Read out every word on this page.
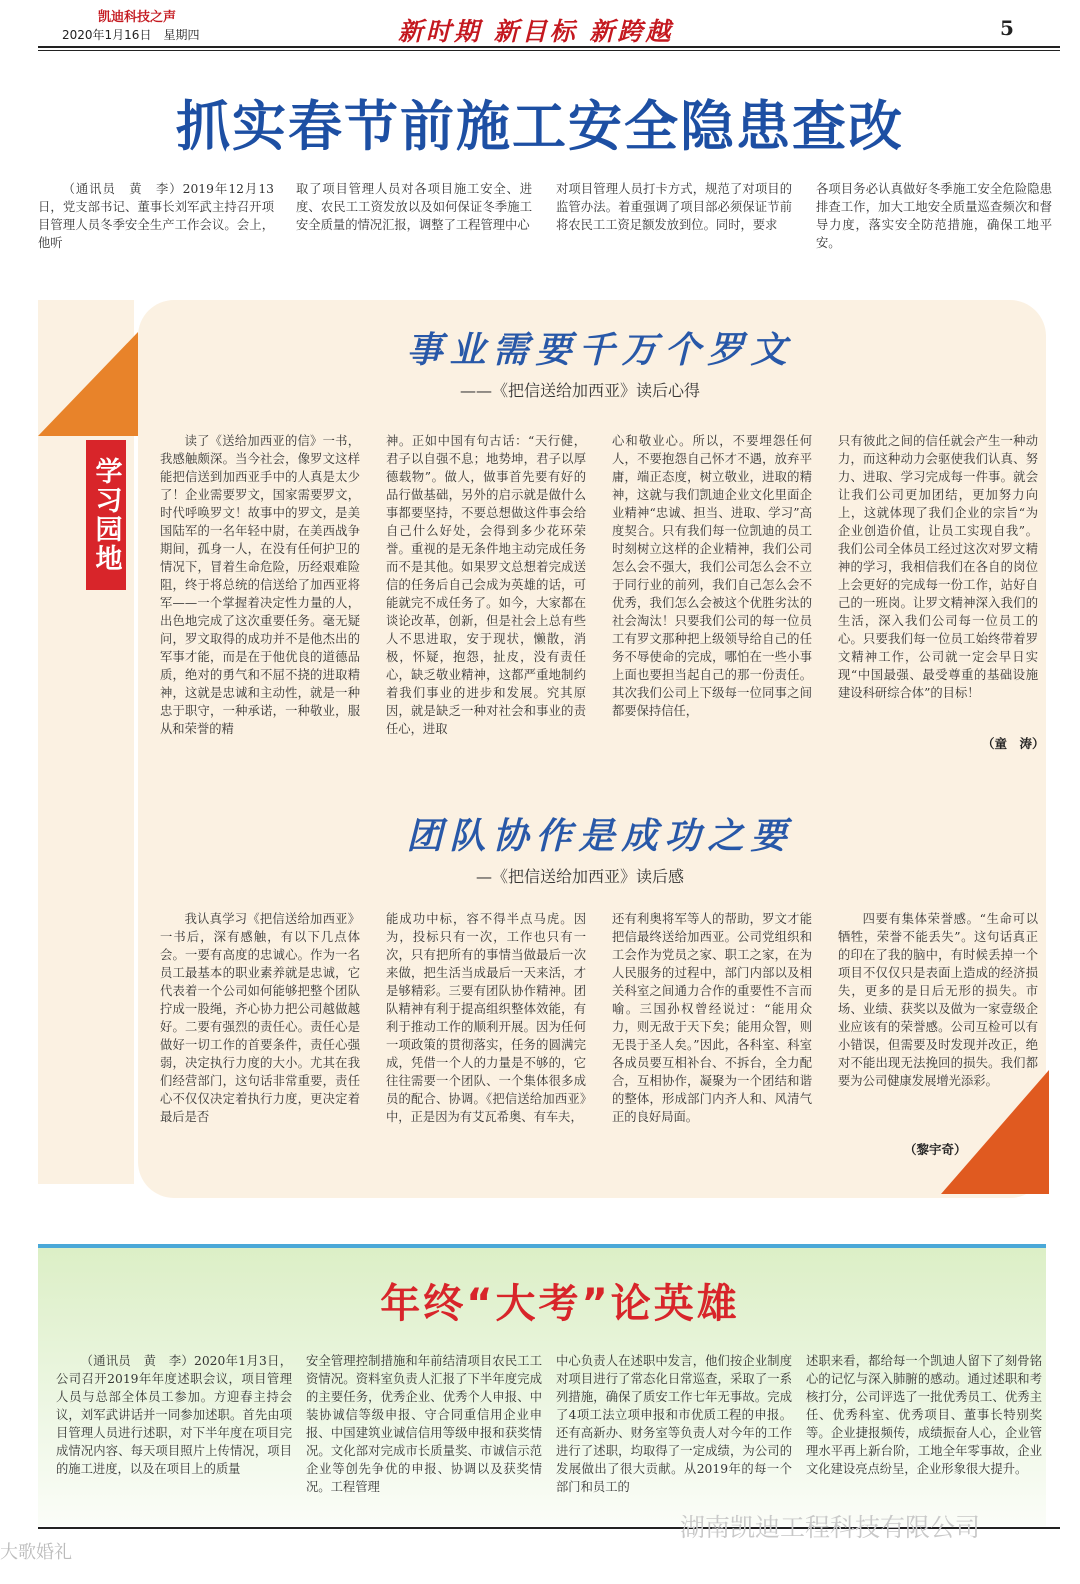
凯迪科技之声
2020年1月16日　星期四	新时期 新目标 新跨越	5
抓实春节前施工安全隐患查改

（通讯员　黄　李）2019年12月13日，党支部书记、董事长刘军武主持召开项目管理人员冬季安全生产工作会议。会上，他听

取了项目管理人员对各项目施工安全、进度、农民工工资发放以及如何保证冬季施工安全质量的情况汇报，调整了工程管理中心

对项目管理人员打卡方式，规范了对项目的监管办法。着重强调了项目部必须保证节前将农民工工资足额发放到位。同时，要求

各项目务必认真做好冬季施工安全危险隐患排查工作，加大工地安全质量巡查频次和督导力度，落实安全防范措施，确保工地平安。

学习园地
事业需要千万个罗文
——《把信送给加西亚》读后心得

读了《送给加西亚的信》一书，我感触颇深。当今社会，像罗文这样能把信送到加西亚手中的人真是太少了！企业需要罗文，国家需要罗文，时代呼唤罗文！故事中的罗文，是美国陆军的一名年轻中尉，在美西战争期间，孤身一人，在没有任何护卫的情况下，冒着生命危险，历经艰难险阻，终于将总统的信送给了加西亚将军——一个掌握着决定性力量的人，出色地完成了这次重要任务。毫无疑问，罗文取得的成功并不是他杰出的军事才能，而是在于他优良的道德品质，绝对的勇气和不屈不挠的进取精神，这就是忠诚和主动性，就是一种忠于职守，一种承诺，一种敬业，服从和荣誉的精

神。正如中国有句古话：“天行健，君子以自强不息；地势坤，君子以厚德载物”。做人，做事首先要有好的品行做基础，另外的启示就是做什么事都要坚持，不要总想做这件事会给自己什么好处，会得到多少花环荣誉。重视的是无条件地主动完成任务而不是其他。如果罗文总想着完成送信的任务后自己会成为英雄的话，可能就完不成任务了。如今，大家都在谈论改革，创新，但是社会上总有些人不思进取，安于现状，懒散，消极，怀疑，抱怨，扯皮，没有责任心，缺乏敬业精神，这都严重地制约着我们事业的进步和发展。究其原因，就是缺乏一种对社会和事业的责任心，进取

心和敬业心。所以，不要埋怨任何人，不要抱怨自己怀才不遇，放弃平庸，端正态度，树立敬业，进取的精神，这就与我们凯迪企业文化里面企业精神“忠诚、担当、进取、学习”高度契合。只有我们每一位凯迪的员工时刻树立这样的企业精神，我们公司怎么会不强大，我们公司怎么会不立于同行业的前列，我们自己怎么会不优秀，我们怎么会被这个优胜劣汰的社会淘汰！只要我们公司的每一位员工有罗文那种把上级领导给自己的任务不辱使命的完成，哪怕在一些小事上面也要担当起自己的那一份责任。其次我们公司上下级每一位同事之间都要保持信任，

只有彼此之间的信任就会产生一种动力，而这种动力会驱使我们认真、努力、进取、学习完成每一件事。就会让我们公司更加团结，更加努力向上，这就体现了我们企业的宗旨“为企业创造价值，让员工实现自我”。我们公司全体员工经过这次对罗文精神的学习，我相信我们在各自的岗位上会更好的完成每一份工作，站好自己的一班岗。让罗文精神深入我们的生活，深入我们公司每一位员工的心。只要我们每一位员工始终带着罗文精神工作，公司就一定会早日实现“中国最强、最受尊重的基础设施建设科研综合体”的目标！

（童　涛）
团队协作是成功之要
—《把信送给加西亚》读后感

我认真学习《把信送给加西亚》一书后，深有感触，有以下几点体会。一要有高度的忠诚心。作为一名员工最基本的职业素养就是忠诚，它代表着一个公司如何能够把整个团队拧成一股绳，齐心协力把公司越做越好。二要有强烈的责任心。责任心是做好一切工作的首要条件，责任心强弱，决定执行力度的大小。尤其在我们经营部门，这句话非常重要，责任心不仅仅决定着执行力度，更决定着最后是否

能成功中标，容不得半点马虎。因为，投标只有一次，工作也只有一次，只有把所有的事情当做最后一次来做，把生活当成最后一天来活，才是够精彩。三要有团队协作精神。团队精神有利于提高组织整体效能，有利于推动工作的顺利开展。因为任何一项政策的贯彻落实，任务的圆满完成，凭借一个人的力量是不够的，它往往需要一个团队、一个集体很多成员的配合、协调。《把信送给加西亚》中，正是因为有艾瓦希奥、有车夫，

还有利奥将军等人的帮助，罗文才能把信最终送给加西亚。公司党组织和工会作为党员之家、职工之家，在为人民服务的过程中，部门内部以及相关科室之间通力合作的重要性不言而喻。三国孙权曾经说过：“能用众力，则无敌于天下矣；能用众智，则无畏于圣人矣。”因此，各科室、科室各成员要互相补台、不拆台，全力配合，互相协作，凝聚为一个团结和谐的整体，形成部门内齐人和、风清气正的良好局面。

四要有集体荣誉感。“生命可以牺牲，荣誉不能丢失”。这句话真正的印在了我的脑中，有时候丢掉一个项目不仅仅只是表面上造成的经济损失，更多的是日后无形的损失。市场、业绩、获奖以及做为一家壹级企业应该有的荣誉感。公司互检可以有小错误，但需要及时发现并改正，绝对不能出现无法挽回的损失。我们都要为公司健康发展增光添彩。

（黎宇奇）
年终“大考”论英雄

（通讯员　黄　李）2020年1月3日，公司召开2019年年度述职会议，项目管理人员与总部全体员工参加。方迎春主持会议，刘军武讲话并一同参加述职。首先由项目管理人员进行述职，对下半年度在项目完成情况内容、每天项目照片上传情况，项目的施工进度，以及在项目上的质量

安全管理控制措施和年前结清项目农民工工资情况。资料室负责人汇报了下半年度完成的主要任务，优秀企业、优秀个人申报、中装协诚信等级申报、守合同重信用企业申报、中国建筑业诚信信用等级申报和获奖情况。文化部对完成市长质量奖、市诚信示范企业等创先争优的申报、协调以及获奖情况。工程管理

中心负责人在述职中发言，他们按企业制度对项目进行了常态化日常巡查，采取了一系列措施，确保了质安工作七年无事故。完成了4项工法立项申报和市优质工程的申报。还有高新办、财务室等负责人对今年的工作进行了述职，均取得了一定成绩，为公司的发展做出了很大贡献。从2019年的每一个部门和员工的

述职来看，都给每一个凯迪人留下了刻骨铭心的记忆与深入肺腑的感动。通过述职和考核打分，公司评选了一批优秀员工、优秀主任、优秀科室、优秀项目、董事长特别奖等。企业捷报频传，成绩振奋人心，企业管理水平再上新台阶，工地全年零事故，企业文化建设亮点纷呈，企业形象很大提升。

大歌婚礼
湖南凯迪工程科技有限公司
